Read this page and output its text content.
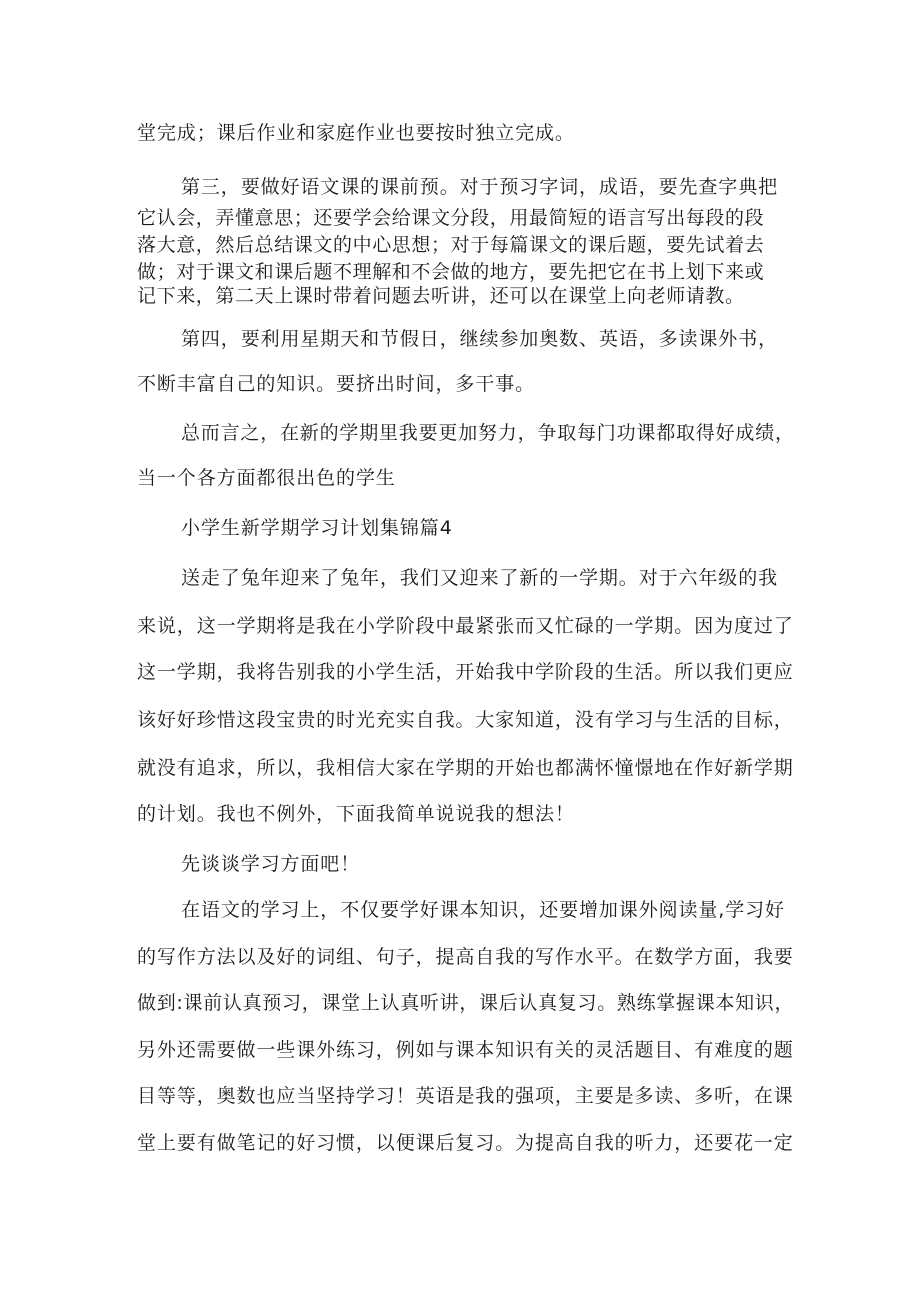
堂完成；课后作业和家庭作业也要按时独立完成。

第三，要做好语文课的课前预。对于预习字词，成语，要先查字典把

它认会，弄懂意思；还要学会给课文分段，用最简短的语言写出每段的段

落大意，然后总结课文的中心思想；对于每篇课文的课后题，要先试着去

做；对于课文和课后题不理解和不会做的地方，要先把它在书上划下来或

记下来，第二天上课时带着问题去听讲，还可以在课堂上向老师请教。

第四，要利用星期天和节假日，继续参加奥数、英语，多读课外书，

不断丰富自己的知识。要挤出时间，多干事。

总而言之，在新的学期里我要更加努力，争取每门功课都取得好成绩，

当一个各方面都很出色的学生

小学生新学期学习计划集锦篇4

送走了兔年迎来了兔年，我们又迎来了新的一学期。对于六年级的我

来说，这一学期将是我在小学阶段中最紧张而又忙碌的一学期。因为度过了

这一学期，我将告别我的小学生活，开始我中学阶段的生活。所以我们更应

该好好珍惜这段宝贵的时光充实自我。大家知道，没有学习与生活的目标，

就没有追求，所以，我相信大家在学期的开始也都满怀憧憬地在作好新学期

的计划。我也不例外，下面我简单说说我的想法！

先谈谈学习方面吧！

在语文的学习上，不仅要学好课本知识，还要增加课外阅读量,学习好

的写作方法以及好的词组、句子，提高自我的写作水平。在数学方面，我要

做到:课前认真预习，课堂上认真听讲，课后认真复习。熟练掌握课本知识，

另外还需要做一些课外练习，例如与课本知识有关的灵活题目、有难度的题

目等等，奥数也应当坚持学习！英语是我的强项，主要是多读、多听，在课

堂上要有做笔记的好习惯，以便课后复习。为提高自我的听力，还要花一定
